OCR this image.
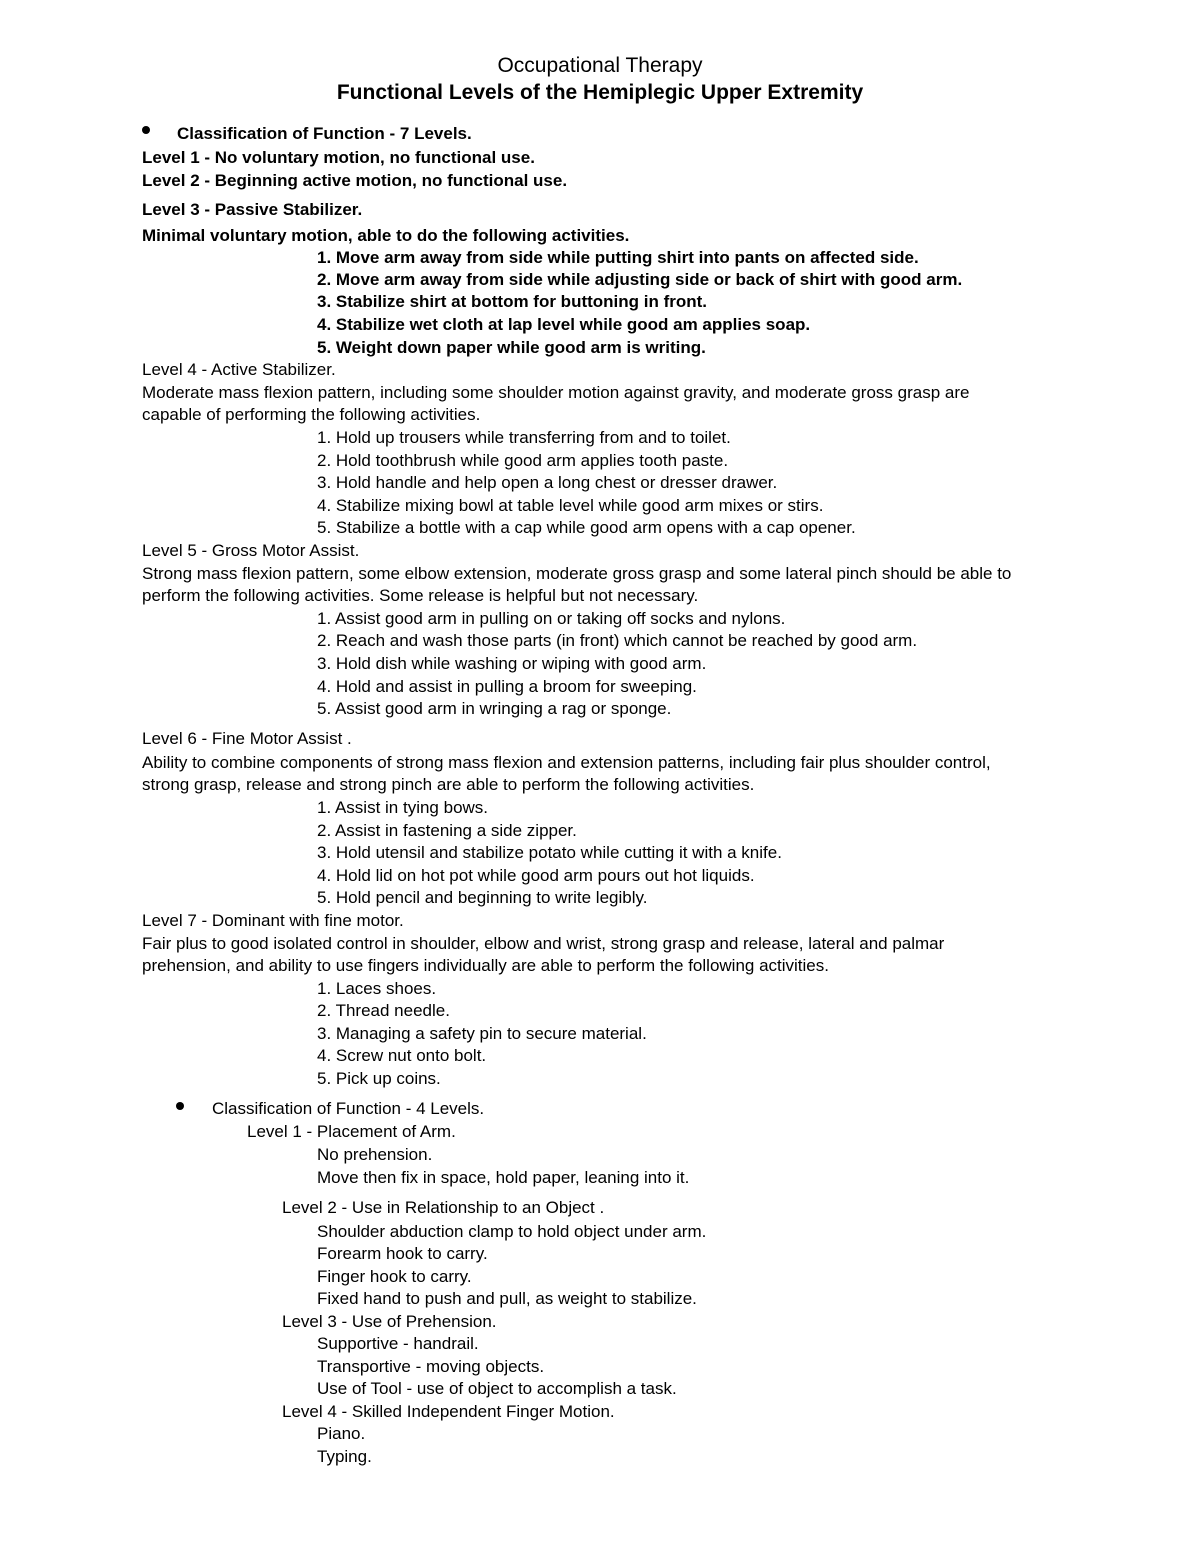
Occupational Therapy
Functional Levels of the Hemiplegic Upper Extremity
Classification of Function - 7 Levels.
Level 1 - No voluntary motion, no functional use.
Level 2 - Beginning active motion, no functional use.
Level 3 - Passive Stabilizer.
Minimal voluntary motion, able to do the following activities.
1. Move arm away from side while putting shirt into pants on affected side.
2. Move arm away from side while adjusting side or back of shirt with good arm.
3. Stabilize shirt at bottom for buttoning in front.
4. Stabilize wet cloth at lap level while good am applies soap.
5. Weight down paper while good arm is writing.
Level 4 - Active Stabilizer.
Moderate mass flexion pattern, including some shoulder motion against gravity, and moderate gross grasp are
capable of performing the following activities.
1. Hold up trousers while transferring from and to toilet.
2. Hold toothbrush while good arm applies tooth paste.
3. Hold handle and help open a long chest or dresser drawer.
4. Stabilize mixing bowl at table level while good arm mixes or stirs.
5. Stabilize a bottle with a cap while good arm opens with a cap opener.
Level 5 - Gross Motor Assist.
Strong mass flexion pattern, some elbow extension, moderate gross grasp and some lateral pinch should be able to
perform the following activities. Some release is helpful but not necessary.
1. Assist good arm in pulling on or taking off socks and nylons.
2. Reach and wash those parts (in front) which cannot be reached by good arm.
3. Hold dish while washing or wiping with good arm.
4. Hold and assist in pulling a broom for sweeping.
5. Assist good arm in wringing a rag or sponge.
Level 6 - Fine Motor Assist .
Ability to combine components of strong mass flexion and extension patterns, including fair plus shoulder control,
strong grasp, release and strong pinch are able to perform the following activities.
1. Assist in tying bows.
2. Assist in fastening a side zipper.
3. Hold utensil and stabilize potato while cutting it with a knife.
4. Hold lid on hot pot while good arm pours out hot liquids.
5. Hold pencil and beginning to write legibly.
Level 7 - Dominant with fine motor.
Fair plus to good isolated control in shoulder, elbow and wrist, strong grasp and release, lateral and palmar
prehension, and ability to use fingers individually are able to perform the following activities.
1. Laces shoes.
2. Thread needle.
3. Managing a safety pin to secure material.
4. Screw nut onto bolt.
5. Pick up coins.
Classification of Function - 4 Levels.
Level 1 - Placement of Arm.
No prehension.
Move then fix in space, hold paper, leaning into it.
Level 2 - Use in Relationship to an Object .
Shoulder abduction clamp to hold object under arm.
Forearm hook to carry.
Finger hook to carry.
Fixed hand to push and pull, as weight to stabilize.
Level 3 - Use of Prehension.
Supportive - handrail.
Transportive - moving objects.
Use of Tool - use of object to accomplish a task.
Level 4 - Skilled Independent Finger Motion.
Piano.
Typing.
